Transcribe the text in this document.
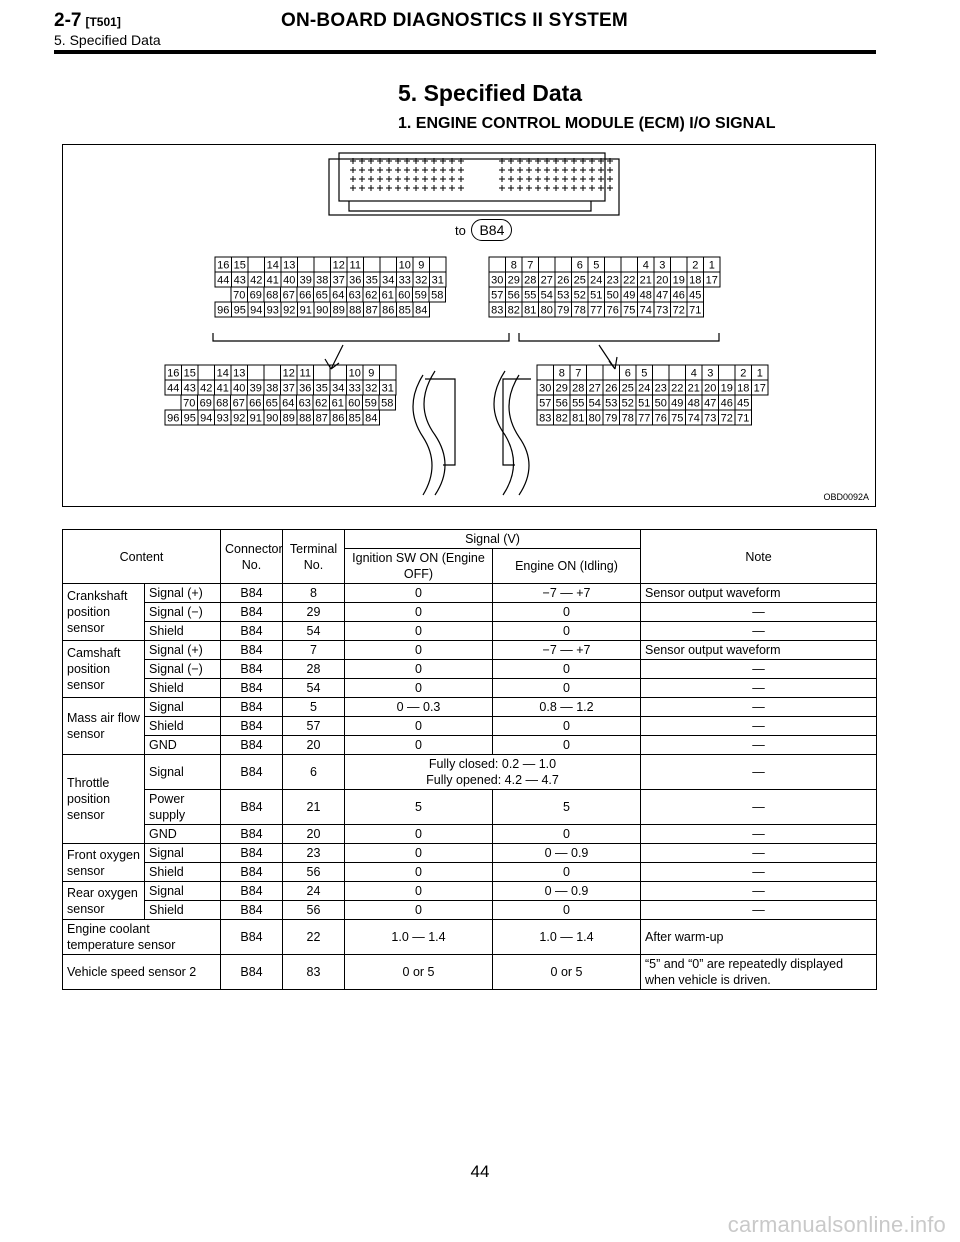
2-7 [T501]	ON-BOARD DIAGNOSTICS II SYSTEM
5. Specified Data
5. Specified Data
1. ENGINE CONTROL MODULE (ECM) I/O SIGNAL
16 15 14 13	12 11	10 9
44 43 42 41 40 39 38 37 36 35 34 33 32 31
70 69 68 67 66 65 64 63 62 61 60 59 58
96 95 94 93 92 91 90 89 88 87 86 85 84
8 7	6 5	4 3 2 1
30 29 28 27 26 25 24 23 22 21 20 19 18 17
57 56 55 54 53 52 51 50 49 48 47 46 45
83 82 81 80 79 78 77 76 75 74 73 72 71
16 15 14 13	12 11	10 9
44 43 42 41 40 39 38 37 36 35 34 33 32 31
70 69 68 67 66 65 64 63 62 61 60 59 58
96 95 94 93 92 91 90 89 88 87 86 85 84
8 7	6 5	4 3 2 1
30 29 28 27 26 25 24 23 22 21 20 19 18 17
57 56 55 54 53 52 51 50 49 48 47 46 45
83 82 81 80 79 78 77 76 75 74 73 72 71
to B84
OBD0092A
Content		Connector No.	Terminal No.	Signal (V)		Note
				Ignition SW ON (Engine OFF)	Engine ON (Idling)	
Crankshaft position sensor	Signal (+)	B84	8	0	−7 — +7	Sensor output waveform
	Signal (−)	B84	29	0	0	—
	Shield	B84	54	0	0	—
Camshaft position sensor	Signal (+)	B84	7	0	−7 — +7	Sensor output waveform
	Signal (−)	B84	28	0	0	—
	Shield	B84	54	0	0	—
Mass air flow sensor	Signal	B84	5	0 — 0.3	0.8 — 1.2	—
	Shield	B84	57	0	0	—
	GND	B84	20	0	0	—
Throttle position sensor	Signal	B84	6	Fully closed: 0.2 — 1.0
Fully opened: 4.2 — 4.7		—
	Power supply	B84	21	5	5	—
	GND	B84	20	0	0	—
Front oxygen sensor	Signal	B84	23	0	0 — 0.9	—
	Shield	B84	56	0	0	—
Rear oxygen sensor	Signal	B84	24	0	0 — 0.9	—
	Shield	B84	56	0	0	—
Engine coolant temperature sensor		B84	22	1.0 — 1.4	1.0 — 1.4	After warm-up
Vehicle speed sensor 2		B84	83	0 or 5	0 or 5	“5” and “0” are repeatedly displayed when vehicle is driven.
44
carmanualsonline.info
